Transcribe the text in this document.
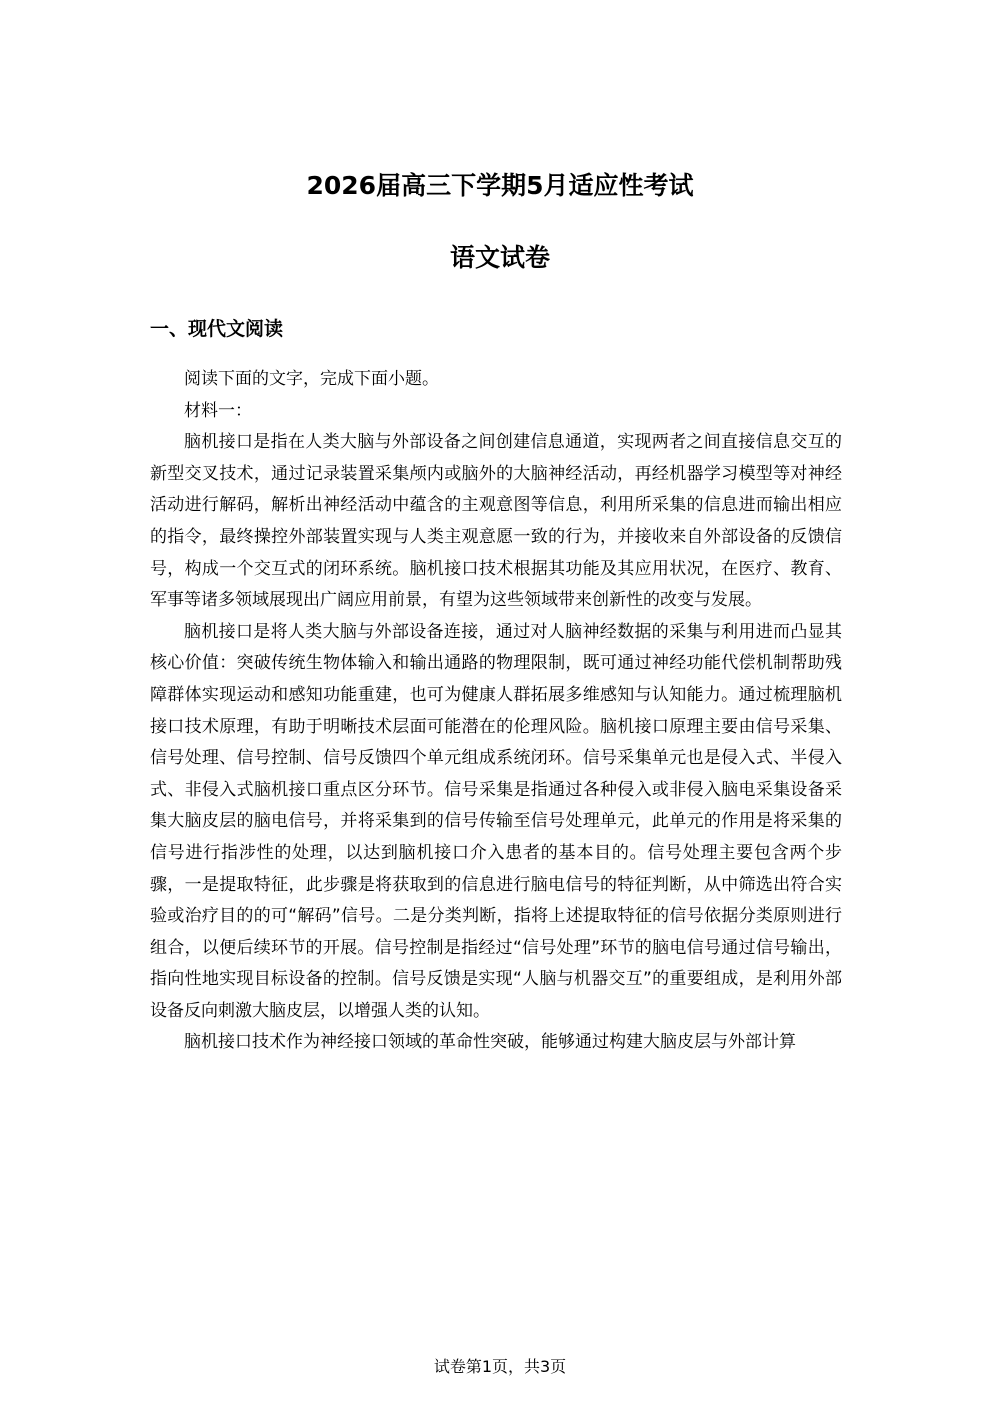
2026届高三下学期5月适应性考试
语文试卷
一、现代文阅读

阅读下面的文字，完成下面小题。

材料一：

脑机接口是指在人类大脑与外部设备之间创建信息通道，实现两者之间直接信息交互的新型交叉技术，通过记录装置采集颅内或脑外的大脑神经活动，再经机器学习模型等对神经活动进行解码，解析出神经活动中蕴含的主观意图等信息，利用所采集的信息进而输出相应的指令，最终操控外部装置实现与人类主观意愿一致的行为，并接收来自外部设备的反馈信号，构成一个交互式的闭环系统。脑机接口技术根据其功能及其应用状况，在医疗、教育、军事等诸多领域展现出广阔应用前景，有望为这些领域带来创新性的改变与发展。

脑机接口是将人类大脑与外部设备连接，通过对人脑神经数据的采集与利用进而凸显其核心价值：突破传统生物体输入和输出通路的物理限制，既可通过神经功能代偿机制帮助残障群体实现运动和感知功能重建，也可为健康人群拓展多维感知与认知能力。通过梳理脑机接口技术原理，有助于明晰技术层面可能潜在的伦理风险。脑机接口原理主要由信号采集、信号处理、信号控制、信号反馈四个单元组成系统闭环。信号采集单元也是侵入式、半侵入式、非侵入式脑机接口重点区分环节。信号采集是指通过各种侵入或非侵入脑电采集设备采集大脑皮层的脑电信号，并将采集到的信号传输至信号处理单元，此单元的作用是将采集的信号进行指涉性的处理，以达到脑机接口介入患者的基本目的。信号处理主要包含两个步骤，一是提取特征，此步骤是将获取到的信息进行脑电信号的特征判断，从中筛选出符合实验或治疗目的的可“解码”信号。二是分类判断，指将上述提取特征的信号依据分类原则进行组合，以便后续环节的开展。信号控制是指经过“信号处理”环节的脑电信号通过信号输出，指向性地实现目标设备的控制。信号反馈是实现“人脑与机器交互”的重要组成，是利用外部设备反向刺激大脑皮层，以增强人类的认知。

脑机接口技术作为神经接口领域的革命性突破，能够通过构建大脑皮层与外部计算

试卷第1页，共3页
